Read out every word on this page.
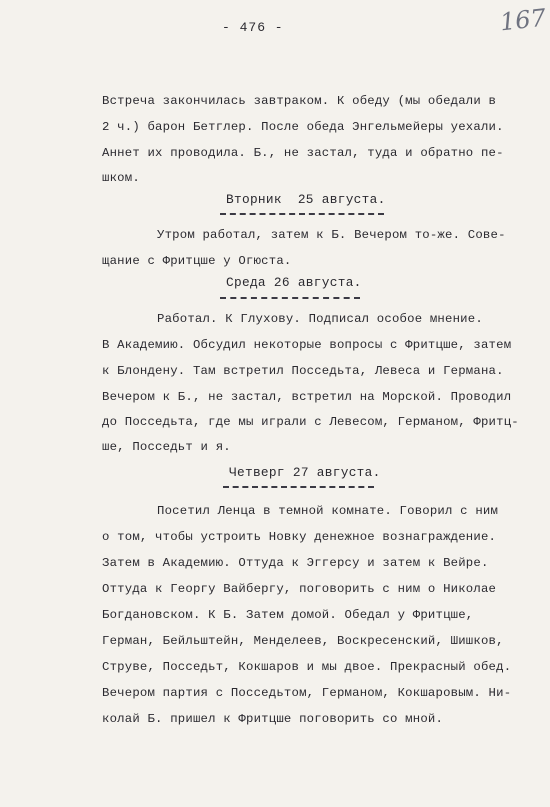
- 476 -	167
Встреча закончилась завтраком. К обеду (мы обедали в
2 ч.) барон Бетглер. После обеда Энгельмейеры уехали.
Аннет их проводила. Б., не застал, туда и обратно пе-
шком.
Вторник  25 августа.
Утром работал, затем к Б. Вечером то-же. Сове-
щание с Фритцше у Огюста.
Среда 26 августа.
Работал. К Глухову. Подписал особое мнение.
В Академию. Обсудил некоторые вопросы с Фритцше, затем
к Блондену. Там встретил Посседьта, Левеса и Германа.
Вечером к Б., не застал, встретил на Морской. Проводил
до Посседьта, где мы играли с Левесом, Германом, Фритц-
ше, Посседьт и я.
Четверг 27 августа.
Посетил Ленца в темной комнате. Говорил с ним
о том, чтобы устроить Новку денежное вознаграждение.
Затем в Академию. Оттуда к Эггерсу и затем к Вейре.
Оттуда к Георгу Вайбергу, поговорить с ним о Николае
Богдановском. К Б. Затем домой. Обедал у Фритцше,
Герман, Бейльштейн, Менделеев, Воскресенский, Шишков,
Струве, Посседьт, Кокшаров и мы двое. Прекрасный обед.
Вечером партия с Посседьтом, Германом, Кокшаровым. Ни-
колай Б. пришел к Фритцше поговорить со мной.
